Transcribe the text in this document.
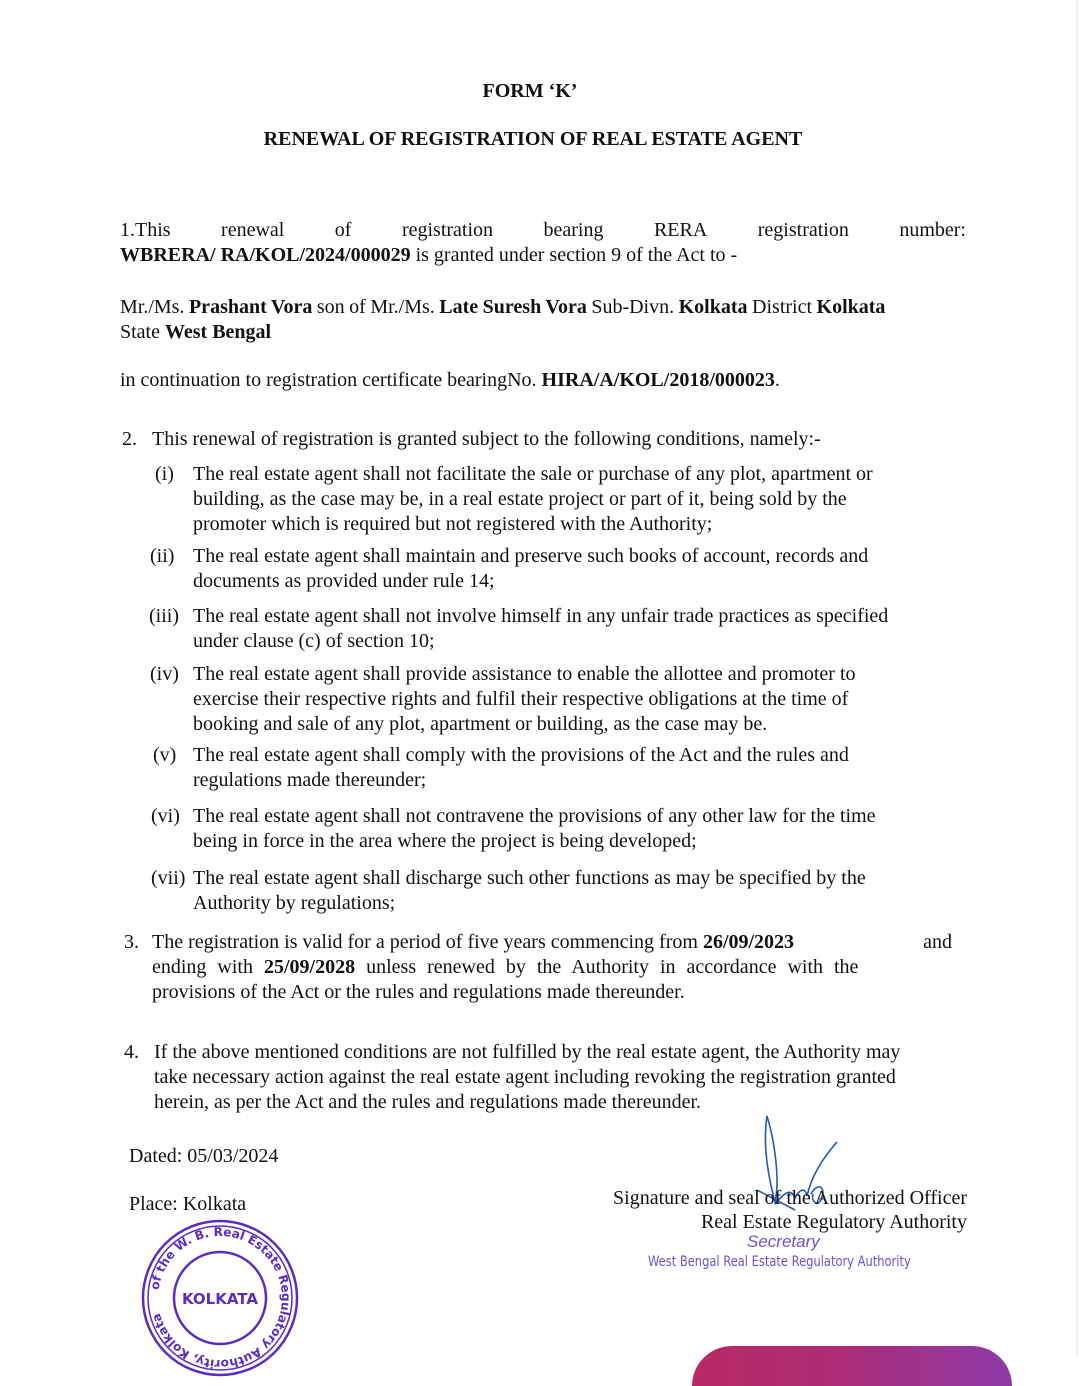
FORM ‘K’
RENEWAL OF REGISTRATION OF REAL ESTATE AGENT
1.This	renewal	of	registration	bearing	RERA	registration	number:
WBRERA/ RA/KOL/2024/000029 is granted under section 9 of the Act to -
Mr./Ms. Prashant Vora son of Mr./Ms. Late Suresh Vora Sub-Divn. Kolkata District Kolkata
State West Bengal
in continuation to registration certificate bearingNo. HIRA/A/KOL/2018/000023.
2. This renewal of registration is granted subject to the following conditions, namely:-
(i) The real estate agent shall not facilitate the sale or purchase of any plot, apartment or
building, as the case may be, in a real estate project or part of it, being sold by the
promoter which is required but not registered with the Authority;
(ii) The real estate agent shall maintain and preserve such books of account, records and
documents as provided under rule 14;
(iii) The real estate agent shall not involve himself in any unfair trade practices as specified
under clause (c) of section 10;
(iv) The real estate agent shall provide assistance to enable the allottee and promoter to
exercise their respective rights and fulfil their respective obligations at the time of
booking and sale of any plot, apartment or building, as the case may be.
(v) The real estate agent shall comply with the provisions of the Act and the rules and
regulations made thereunder;
(vi) The real estate agent shall not contravene the provisions of any other law for the time
being in force in the area where the project is being developed;
(vii) The real estate agent shall discharge such other functions as may be specified by the
Authority by regulations;
3. The registration is valid for a period of five years commencing from 26/09/2023	and
ending with 25/09/2028 unless renewed by the Authority in accordance with the
provisions of the Act or the rules and regulations made thereunder.
4. If the above mentioned conditions are not fulfilled by the real estate agent, the Authority may
take necessary action against the real estate agent including revoking the registration granted
herein, as per the Act and the rules and regulations made thereunder.
Dated: 05/03/2024
Place: Kolkata	Signature and seal of the Authorized Officer
Real Estate Regulatory Authority
Secretary
West Bengal Real Estate Regulatory Authority
of the W. B. Real Estate Regulatory Authority, Kolkata
KOLKATA
